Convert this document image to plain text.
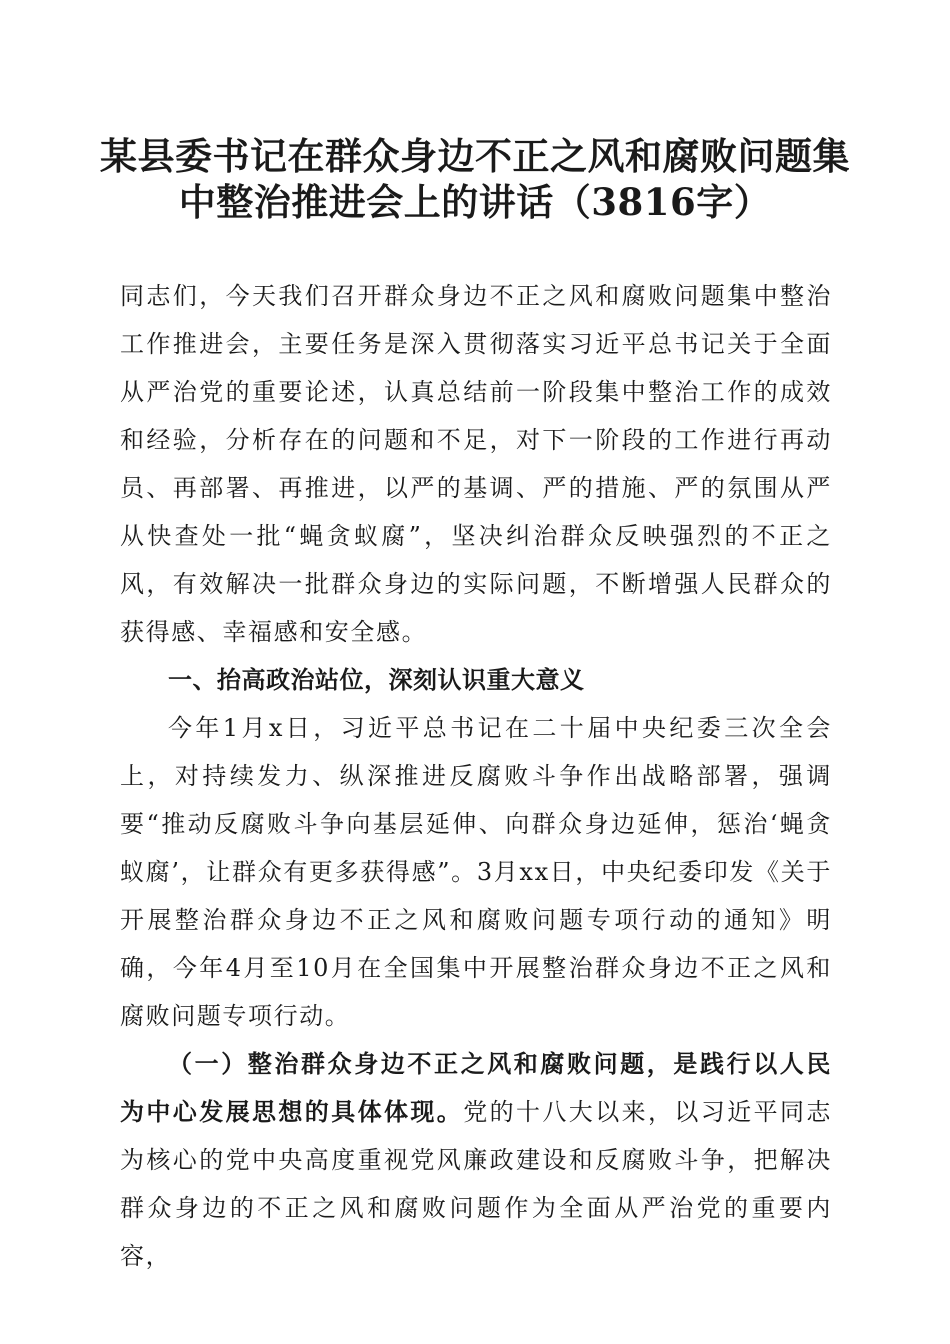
某县委书记在群众身边不正之风和腐败问题集
中整治推进会上的讲话（3816字）

同志们，今天我们召开群众身边不正之风和腐败问题集中整治工作推进会，主要任务是深入贯彻落实习近平总书记关于全面从严治党的重要论述，认真总结前一阶段集中整治工作的成效和经验，分析存在的问题和不足，对下一阶段的工作进行再动员、再部署、再推进，以严的基调、严的措施、严的氛围从严从快查处一批“蝇贪蚁腐”，坚决纠治群众反映强烈的不正之风，有效解决一批群众身边的实际问题，不断增强人民群众的获得感、幸福感和安全感。

一、抬高政治站位，深刻认识重大意义

今年1月x日，习近平总书记在二十届中央纪委三次全会上，对持续发力、纵深推进反腐败斗争作出战略部署，强调要“推动反腐败斗争向基层延伸、向群众身边延伸，惩治‘蝇贪蚁腐’，让群众有更多获得感”。3月xx日，中央纪委印发《关于开展整治群众身边不正之风和腐败问题专项行动的通知》明确，今年4月至10月在全国集中开展整治群众身边不正之风和腐败问题专项行动。

（一）整治群众身边不正之风和腐败问题，是践行以人民为中心发展思想的具体体现。党的十八大以来，以习近平同志为核心的党中央高度重视党风廉政建设和反腐败斗争，把解决群众身边的不正之风和腐败问题作为全面从严治党的重要内容，
